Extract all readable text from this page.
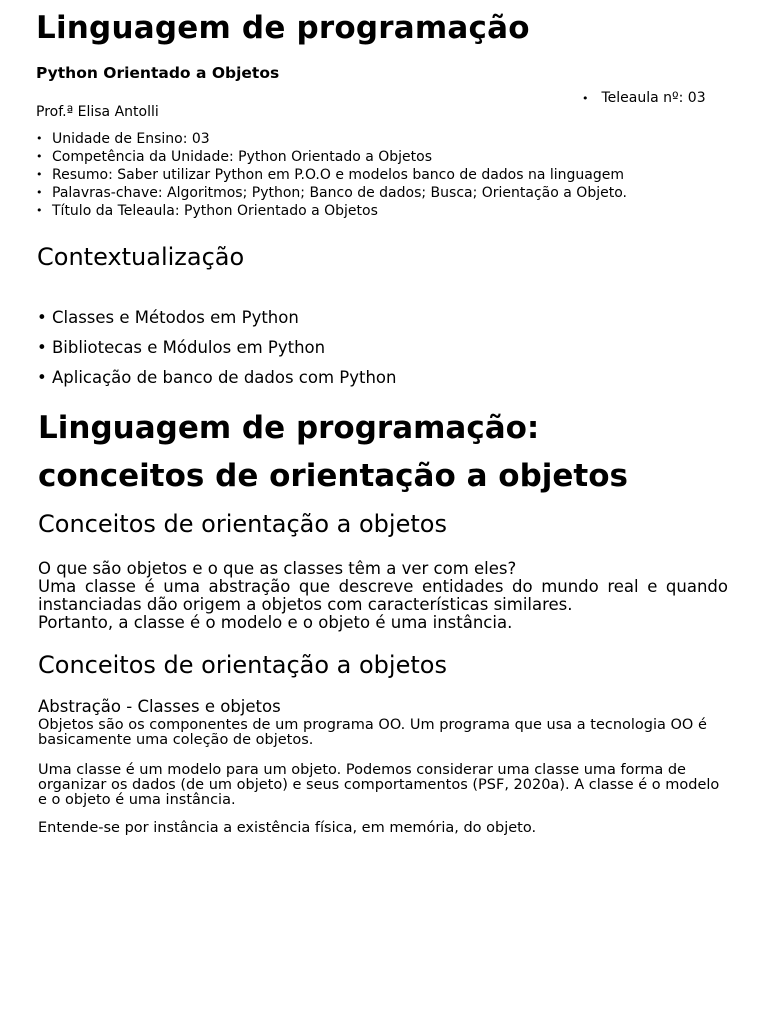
Linguagem de programação
Python Orientado a Objetos
• Teleaula nº: 03
Prof.ª Elisa Antolli
• Unidade de Ensino: 03
• Competência da Unidade: Python Orientado a Objetos
• Resumo: Saber utilizar Python em P.O.O e modelos banco de dados na linguagem
• Palavras-chave: Algoritmos; Python; Banco de dados; Busca; Orientação a Objeto.
• Título da Teleaula: Python Orientado a Objetos
Contextualização
• Classes e Métodos em Python
• Bibliotecas e Módulos em Python
• Aplicação de banco de dados com Python
Linguagem de programação:
conceitos de orientação a objetos
Conceitos de orientação a objetos
O que são objetos e o que as classes têm a ver com eles?
Uma classe é uma abstração que descreve entidades do mundo real e quando instanciadas dão origem a objetos com características similares.
Portanto, a classe é o modelo e o objeto é uma instância.
Conceitos de orientação a objetos
Abstração - Classes e objetos
Objetos são os componentes de um programa OO. Um programa que usa a tecnologia OO é basicamente uma coleção de objetos.
Uma classe é um modelo para um objeto. Podemos considerar uma classe uma forma de organizar os dados (de um objeto) e seus comportamentos (PSF, 2020a). A classe é o modelo e o objeto é uma instância.
Entende-se por instância a existência física, em memória, do objeto.
